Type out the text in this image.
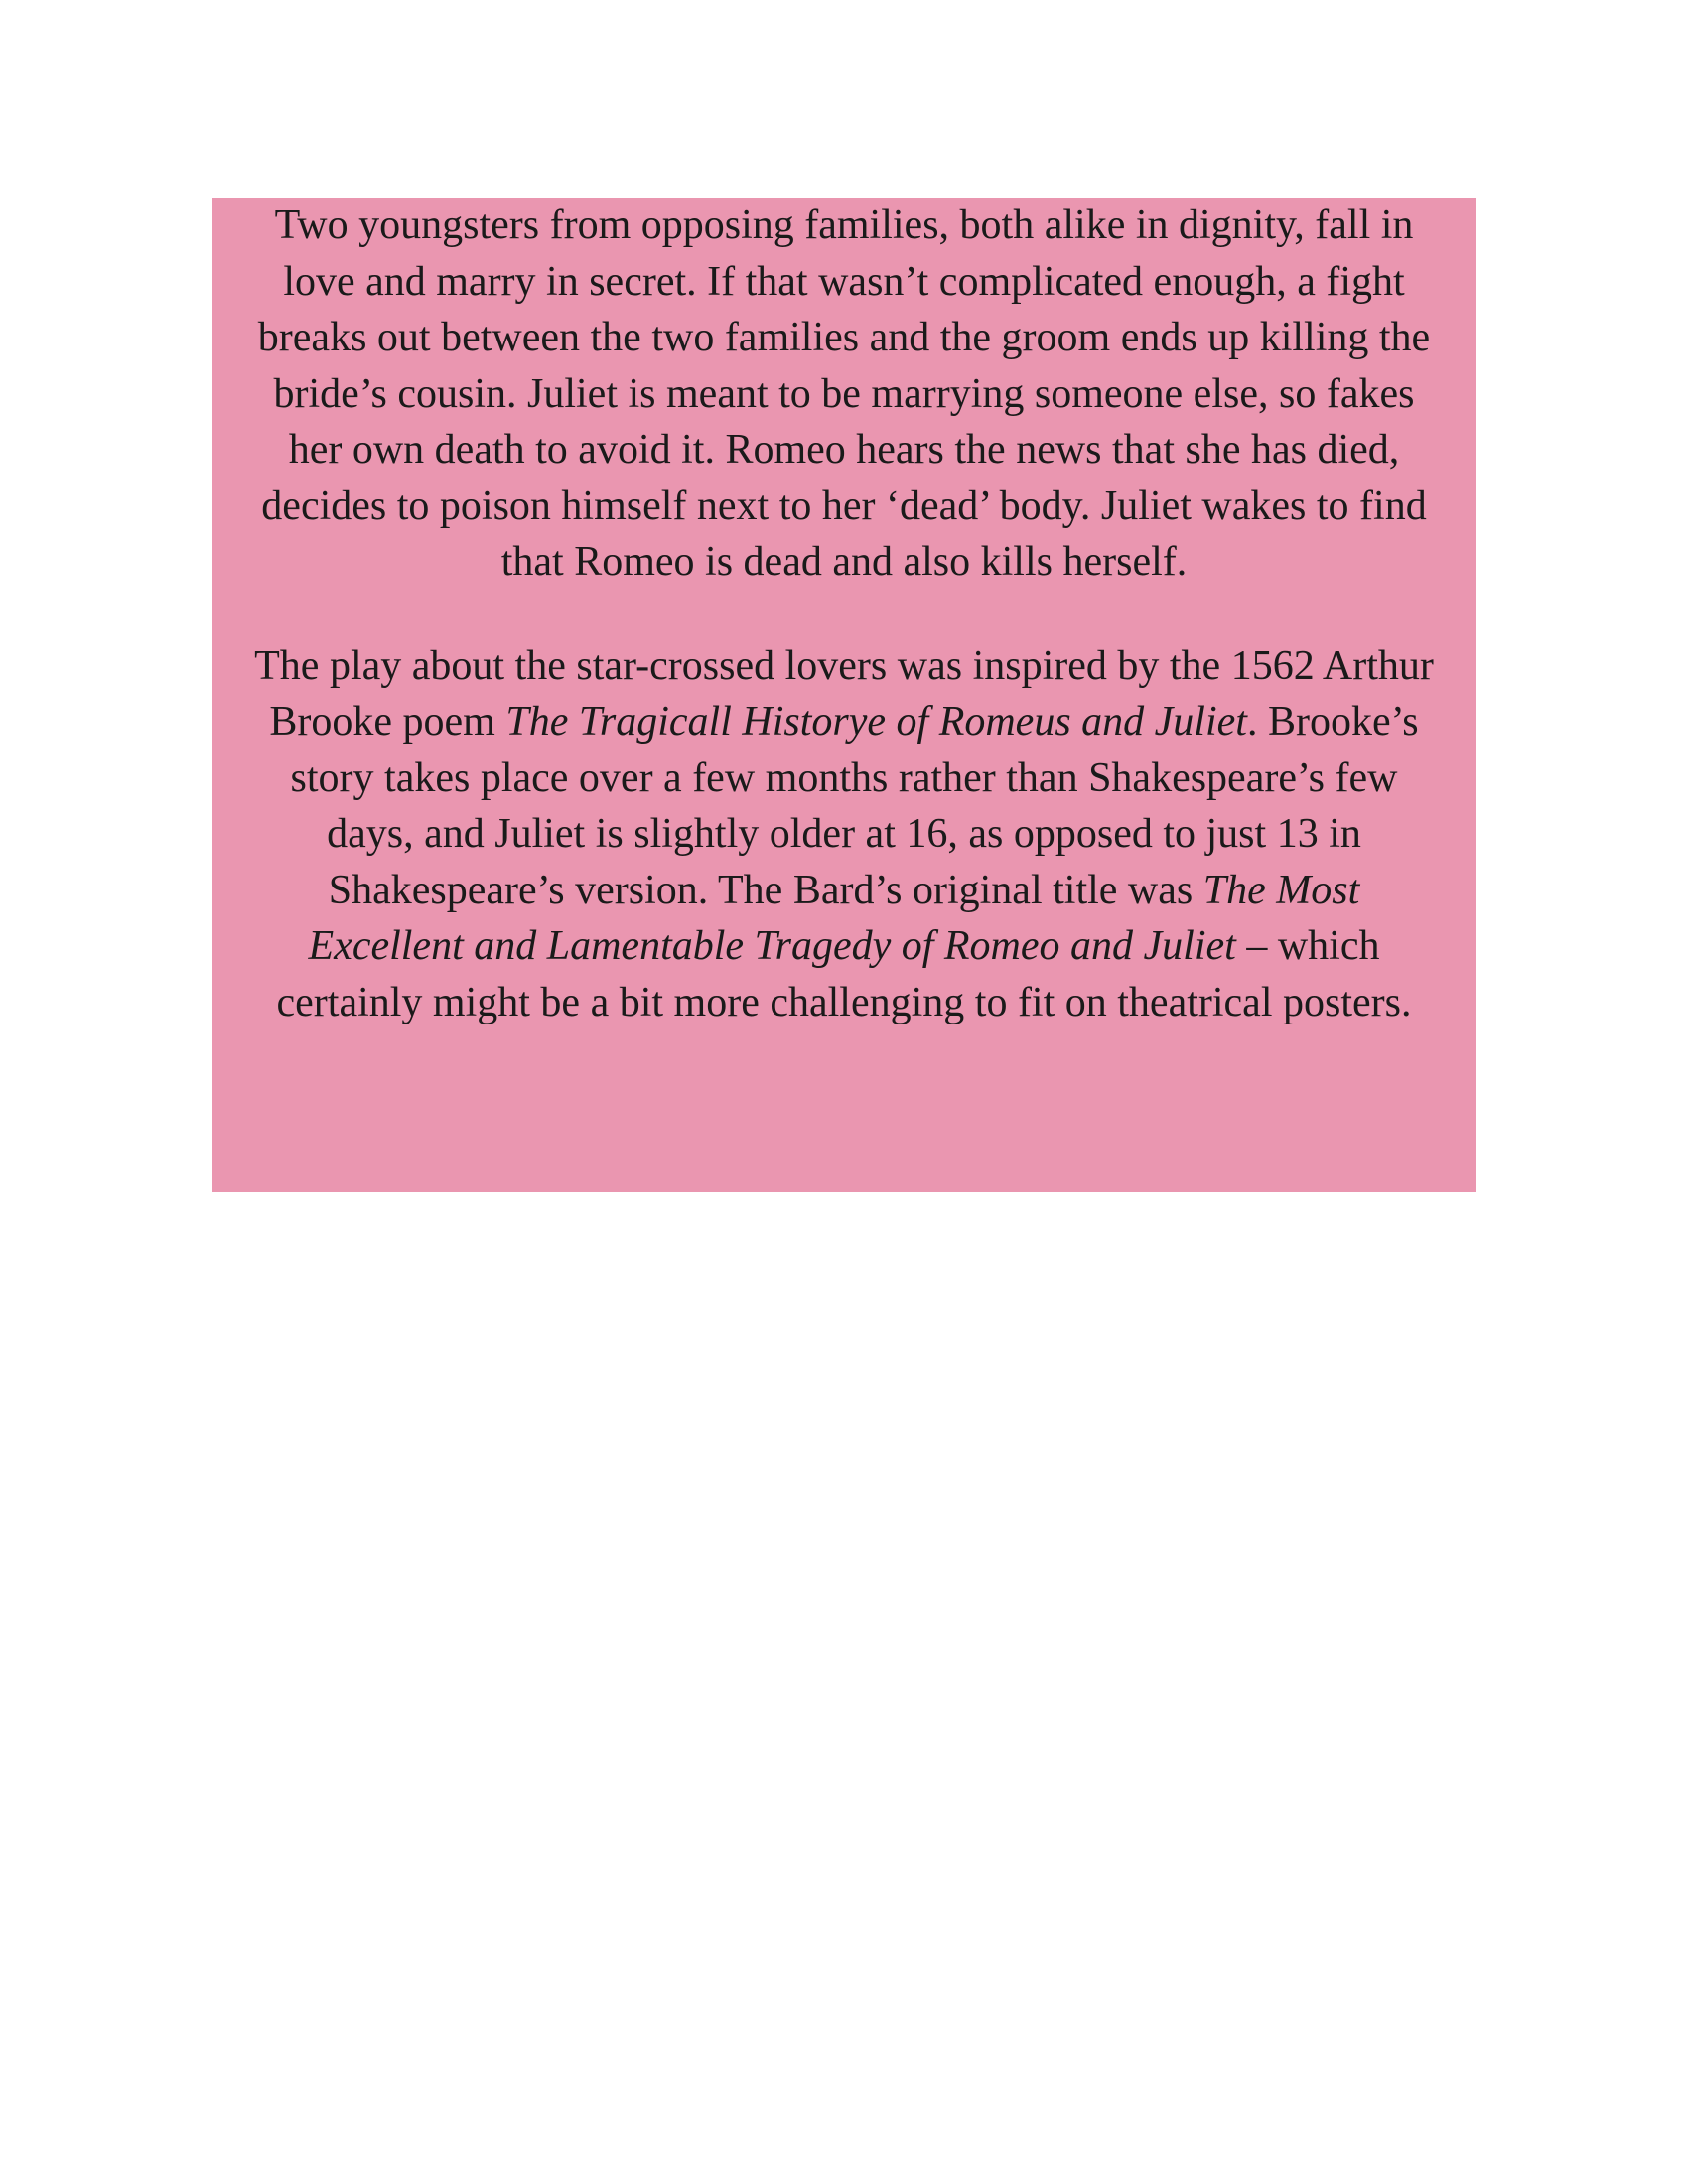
Two youngsters from opposing families, both alike in dignity, fall in love and marry in secret. If that wasn’t complicated enough, a fight breaks out between the two families and the groom ends up killing the bride’s cousin. Juliet is meant to be marrying someone else, so fakes her own death to avoid it. Romeo hears the news that she has died, decides to poison himself next to her ‘dead’ body. Juliet wakes to find that Romeo is dead and also kills herself.

The play about the star-crossed lovers was inspired by the 1562 Arthur Brooke poem The Tragicall Historye of Romeus and Juliet. Brooke’s story takes place over a few months rather than Shakespeare’s few days, and Juliet is slightly older at 16, as opposed to just 13 in Shakespeare’s version. The Bard’s original title was The Most Excellent and Lamentable Tragedy of Romeo and Juliet – which certainly might be a bit more challenging to fit on theatrical posters.
